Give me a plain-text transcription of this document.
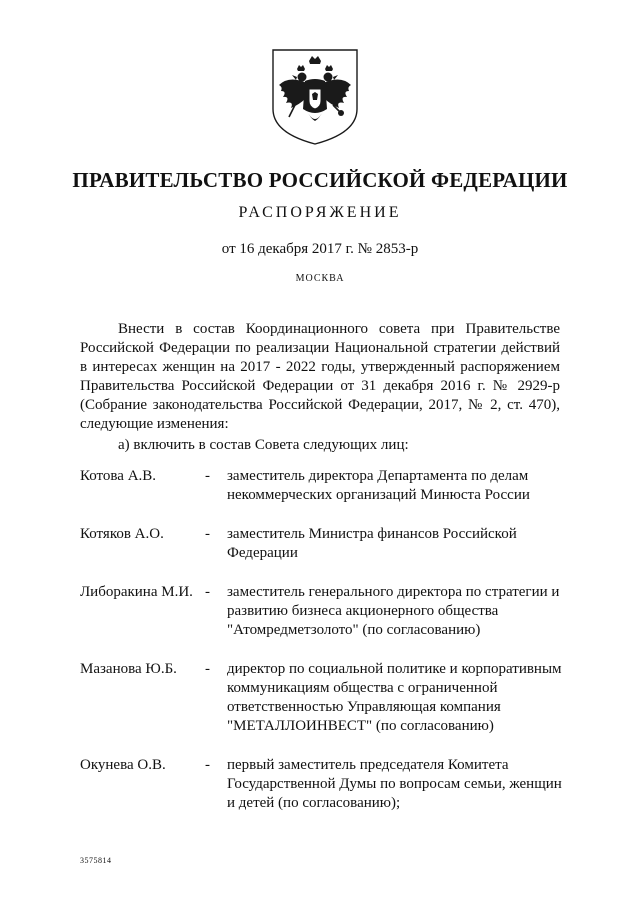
ПРАВИТЕЛЬСТВО РОССИЙСКОЙ ФЕДЕРАЦИИ
РАСПОРЯЖЕНИЕ
от 16 декабря 2017 г. № 2853-р
МОСКВА

Внести в состав Координационного совета при Правительстве Российской Федерации по реализации Национальной стратегии действий в интересах женщин на 2017 - 2022 годы, утвержденный распоряжением Правительства Российской Федерации от 31 декабря 2016 г. № 2929-р (Собрание законодательства Российской Федерации, 2017, № 2, ст. 470), следующие изменения:

а) включить в состав Совета следующих лиц:
Котова А.В.	- заместитель директора Департамента по делам некоммерческих организаций Минюста России
Котяков А.О.	- заместитель Министра финансов Российской Федерации
Либоракина М.И. - заместитель генерального директора по стратегии и развитию бизнеса акционерного общества "Атомредметзолото" (по согласованию)
Мазанова Ю.Б. - директор по социальной политике и корпоративным коммуникациям общества с ограниченной ответственностью Управляющая компания "МЕТАЛЛОИНВЕСТ" (по согласованию)
Окунева О.В.	- первый заместитель председателя Комитета Государственной Думы по вопросам семьи, женщин и детей (по согласованию);
3575814
